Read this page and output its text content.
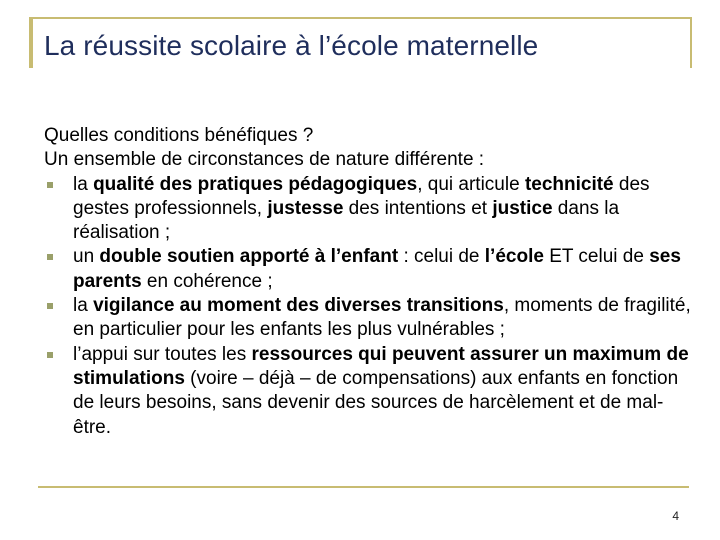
La réussite scolaire à l’école maternelle

Quelles conditions bénéfiques ?

Un ensemble de circonstances de nature différente :

la qualité des pratiques pédagogiques, qui articule technicité des gestes professionnels, justesse des intentions et justice dans la réalisation ;
un double soutien apporté à l’enfant : celui de l’école ET celui de ses parents en cohérence ;
la vigilance au moment des diverses transitions, moments de fragilité, en particulier pour les enfants les plus vulnérables ;
l’appui sur toutes les ressources qui peuvent assurer un maximum de stimulations (voire – déjà – de compensations) aux enfants en fonction de leurs besoins, sans devenir des sources de harcèlement et de mal-être.
4
